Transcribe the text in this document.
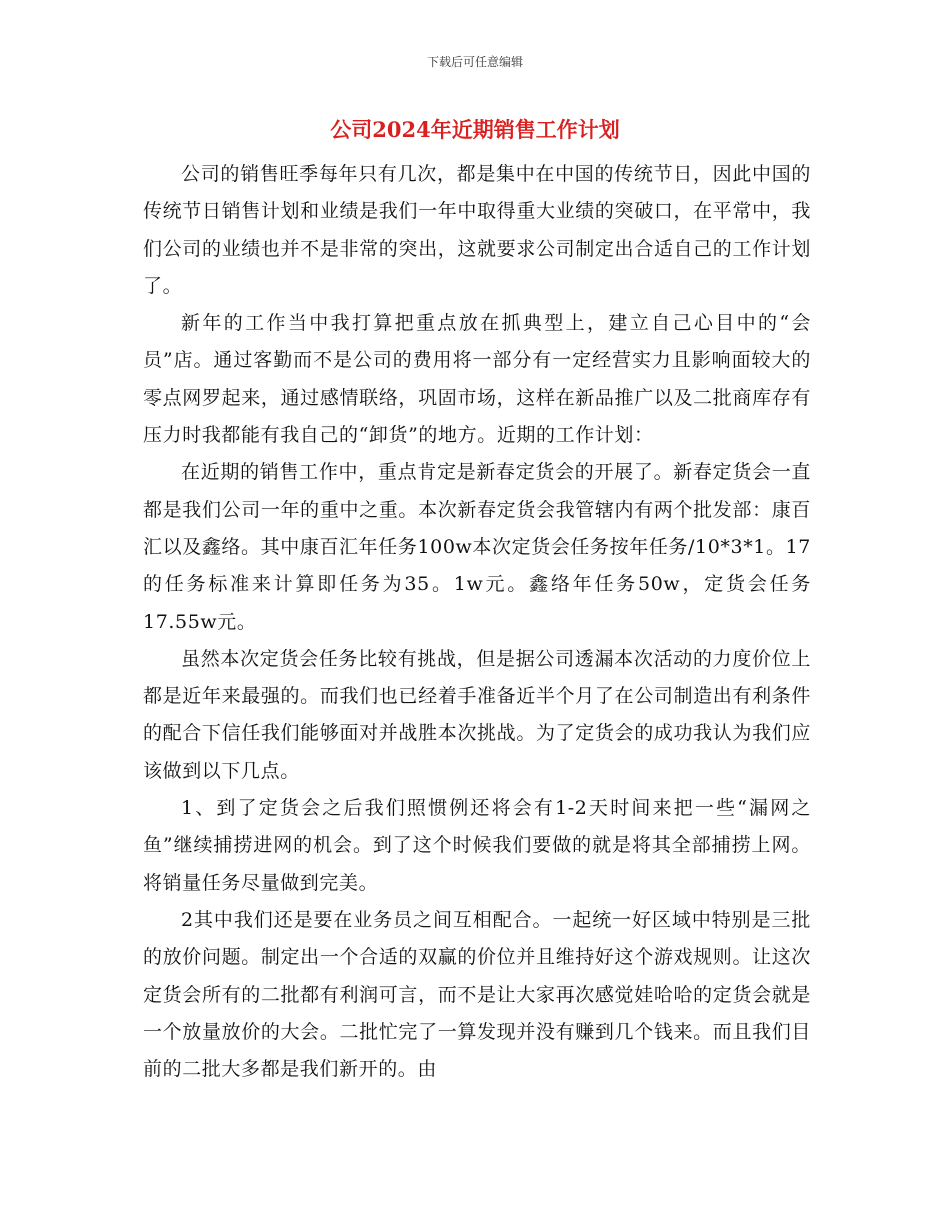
下载后可任意编辑
公司2024年近期销售工作计划

公司的销售旺季每年只有几次，都是集中在中国的传统节日，因此中国的传统节日销售计划和业绩是我们一年中取得重大业绩的突破口，在平常中，我们公司的业绩也并不是非常的突出，这就要求公司制定出合适自己的工作计划了。

新年的工作当中我打算把重点放在抓典型上，建立自己心目中的“会员”店。通过客勤而不是公司的费用将一部分有一定经营实力且影响面较大的零点网罗起来，通过感情联络，巩固市场，这样在新品推广以及二批商库存有压力时我都能有我自己的“卸货”的地方。近期的工作计划：

在近期的销售工作中，重点肯定是新春定货会的开展了。新春定货会一直都是我们公司一年的重中之重。本次新春定货会我管辖内有两个批发部：康百汇以及鑫络。其中康百汇年任务100w本次定货会任务按年任务/10*3*1。17的任务标准来计算即任务为35。1w元。鑫络年任务50w，定货会任务17.55w元。

虽然本次定货会任务比较有挑战，但是据公司透漏本次活动的力度价位上都是近年来最强的。而我们也已经着手准备近半个月了在公司制造出有利条件的配合下信任我们能够面对并战胜本次挑战。为了定货会的成功我认为我们应该做到以下几点。

1、到了定货会之后我们照惯例还将会有1-2天时间来把一些“漏网之鱼”继续捕捞进网的机会。到了这个时候我们要做的就是将其全部捕捞上网。将销量任务尽量做到完美。

2其中我们还是要在业务员之间互相配合。一起统一好区域中特别是三批的放价问题。制定出一个合适的双赢的价位并且维持好这个游戏规则。让这次定货会所有的二批都有利润可言，而不是让大家再次感觉娃哈哈的定货会就是一个放量放价的大会。二批忙完了一算发现并没有赚到几个钱来。而且我们目前的二批大多都是我们新开的。由
